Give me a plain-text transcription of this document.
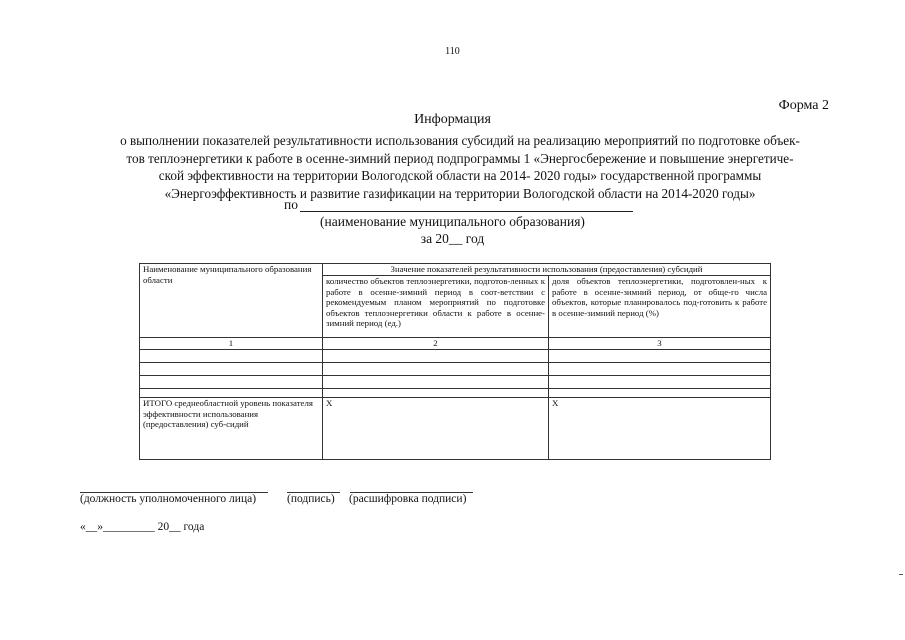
110
Форма 2
Информация
о выполнении показателей результативности использования субсидий на реализацию мероприятий по подготовке объек-
тов теплоэнергетики к работе в осенне-зимний период подпрограммы 1 «Энергосбережение и повышение энергетиче-
ской эффективности на территории Вологодской области на 2014- 2020 годы» государственной программы
«Энергоэффективность и развитие газификации на территории Вологодской области на 2014-2020 годы»
по
(наименование муниципального образования)
за 20__ год
Наименование муниципального образования области	Значение показателей результативности использования (предоставления) субсидий	
	количество объектов теплоэнергетики, подготов-ленных к работе в осенне-зимний период в соот-ветствии с рекомендуемым планом мероприятий по подготовке объектов теплоэнергетики области к работе в осенне-зимний период (ед.)	доля объектов теплоэнергетики, подготовлен-ных к работе в осенне-зимний период, от обще-го числа объектов, которые планировалось под-готовить к работе в осенне-зимний период (%)
1	2	3

ИТОГО среднеобластной уровень показателя эффективности использования (предоставления) суб-сидий	X	X
(должность уполномоченного лица)	(подпись) (расшифровка подписи)
«__»_________ 20__ года
